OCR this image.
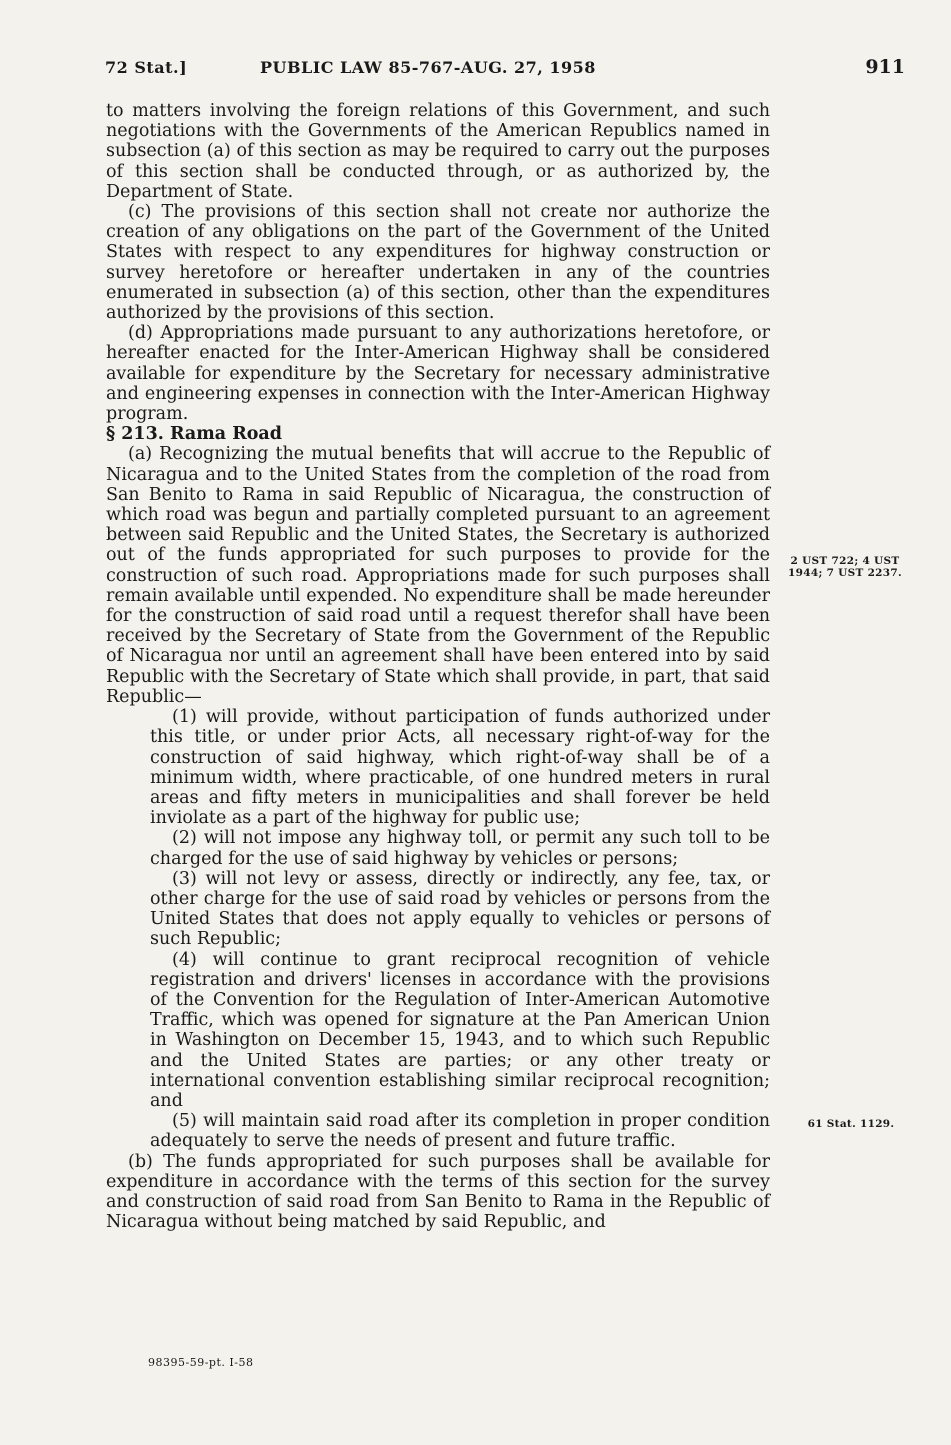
72 Stat.]	PUBLIC LAW 85-767-AUG. 27, 1958	911

to matters involving the foreign relations of this Government, and such negotiations with the Governments of the American Republics named in subsection (a) of this section as may be required to carry out the purposes of this section shall be conducted through, or as authorized by, the Department of State.

(c) The provisions of this section shall not create nor authorize the creation of any obligations on the part of the Government of the United States with respect to any expenditures for highway construction or survey heretofore or hereafter undertaken in any of the countries enumerated in subsection (a) of this section, other than the expenditures authorized by the provisions of this section.

(d) Appropriations made pursuant to any authorizations heretofore, or hereafter enacted for the Inter-American Highway shall be considered available for expenditure by the Secretary for necessary administrative and engineering expenses in connection with the Inter-American Highway program.

§ 213. Rama Road

(a) Recognizing the mutual benefits that will accrue to the Republic of Nicaragua and to the United States from the completion of the road from San Benito to Rama in said Republic of Nicaragua, the construction of which road was begun and partially completed pursuant to an agreement between said Republic and the United States, the Secretary is authorized out of the funds appropriated for such purposes to provide for the construction of such road. Appropriations made for such purposes shall remain available until expended. No expenditure shall be made hereunder for the construction of said road until a request therefor shall have been received by the Secretary of State from the Government of the Republic of Nicaragua nor until an agreement shall have been entered into by said Republic with the Secretary of State which shall provide, in part, that said Republic—

(1) will provide, without participation of funds authorized under this title, or under prior Acts, all necessary right-of-way for the construction of said highway, which right-of-way shall be of a minimum width, where practicable, of one hundred meters in rural areas and fifty meters in municipalities and shall forever be held inviolate as a part of the highway for public use;

(2) will not impose any highway toll, or permit any such toll to be charged for the use of said highway by vehicles or persons;

(3) will not levy or assess, directly or indirectly, any fee, tax, or other charge for the use of said road by vehicles or persons from the United States that does not apply equally to vehicles or persons of such Republic;

(4) will continue to grant reciprocal recognition of vehicle registration and drivers' licenses in accordance with the provisions of the Convention for the Regulation of Inter-American Automotive Traffic, which was opened for signature at the Pan American Union in Washington on December 15, 1943, and to which such Republic and the United States are parties; or any other treaty or international convention establishing similar reciprocal recognition; and

(5) will maintain said road after its completion in proper condition adequately to serve the needs of present and future traffic.

(b) The funds appropriated for such purposes shall be available for expenditure in accordance with the terms of this section for the survey and construction of said road from San Benito to Rama in the Republic of Nicaragua without being matched by said Republic, and

2 UST 722; 4 UST 1944; 7 UST 2237.
61 Stat. 1129.
98395-59-pt. I-58
